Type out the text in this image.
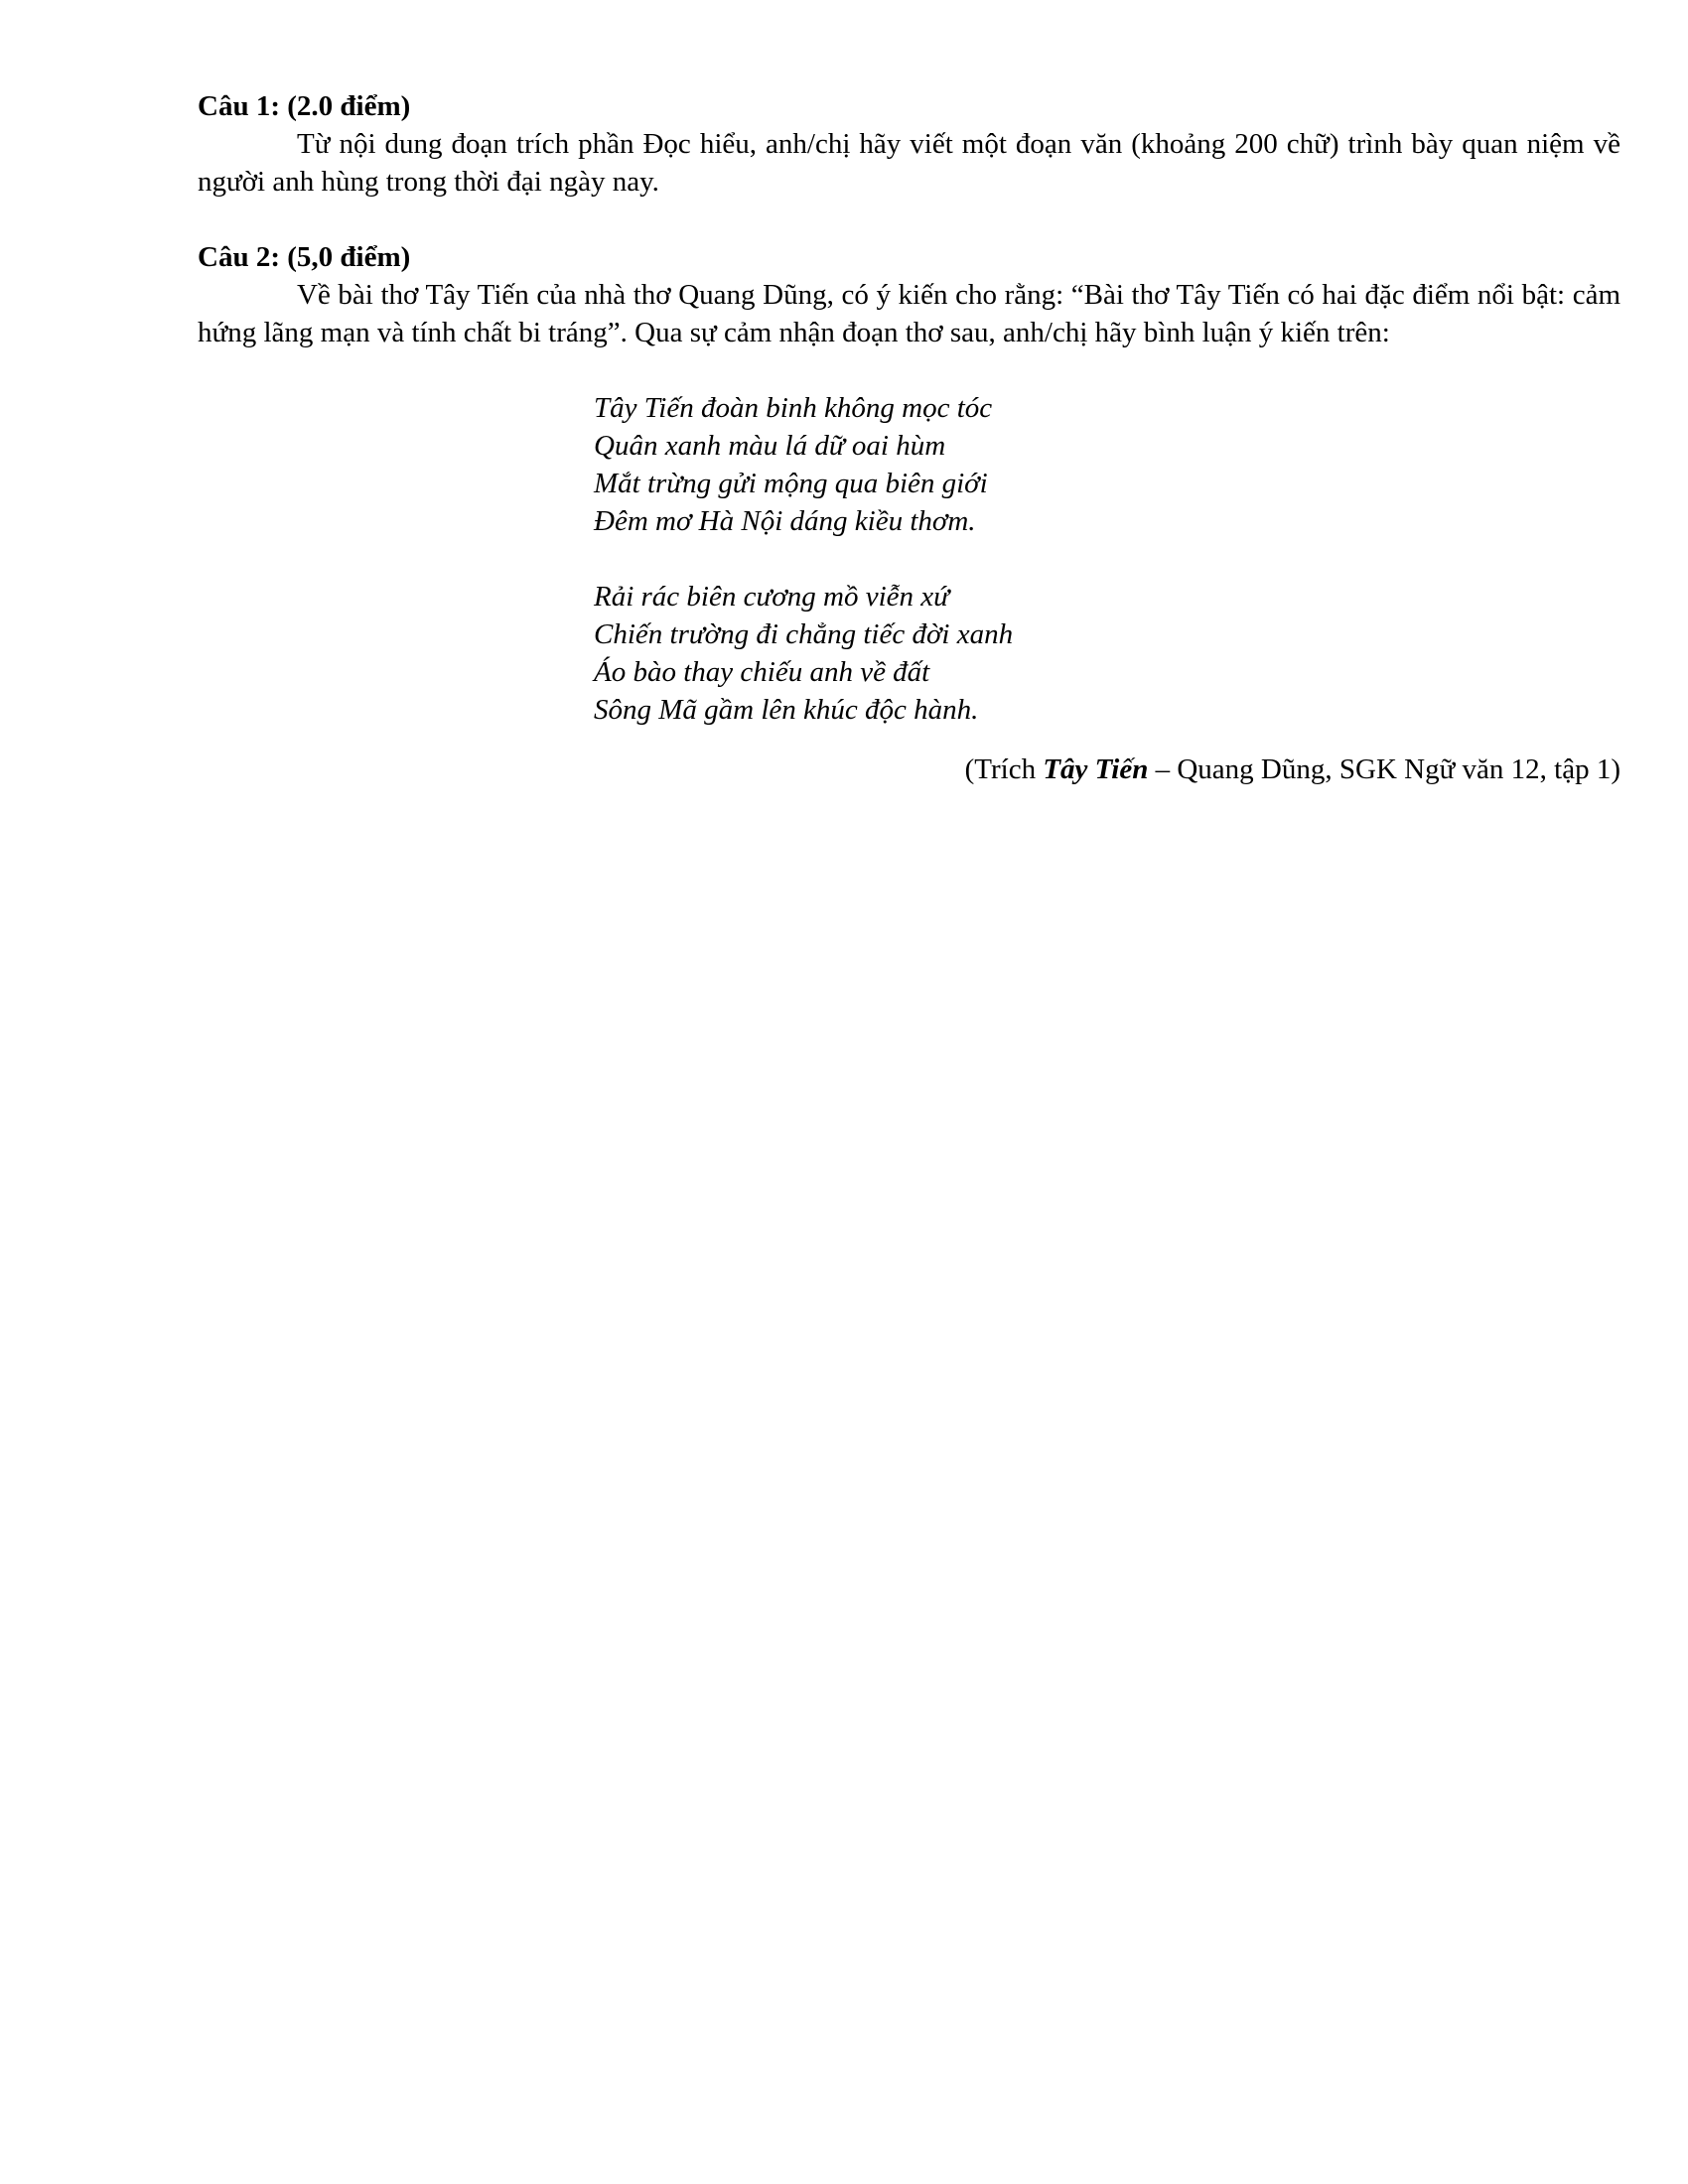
Câu 1: (2.0 điểm)

Từ nội dung đoạn trích phần Đọc hiểu, anh/chị hãy viết một đoạn văn (khoảng 200 chữ) trình bày quan niệm về người anh hùng trong thời đại ngày nay.

Câu 2: (5,0 điểm)

Về bài thơ Tây Tiến của nhà thơ Quang Dũng, có ý kiến cho rằng: “Bài thơ Tây Tiến có hai đặc điểm nổi bật: cảm hứng lãng mạn và tính chất bi tráng”. Qua sự cảm nhận đoạn thơ sau, anh/chị hãy bình luận ý kiến trên:

Tây Tiến đoàn binh không mọc tóc
Quân xanh màu lá dữ oai hùm
Mắt trừng gửi mộng qua biên giới
Đêm mơ Hà Nội dáng kiều thơm.
Rải rác biên cương mồ viễn xứ
Chiến trường đi chẳng tiếc đời xanh
Áo bào thay chiếu anh về đất
Sông Mã gầm lên khúc độc hành.

(Trích Tây Tiến – Quang Dũng, SGK Ngữ văn 12, tập 1)
